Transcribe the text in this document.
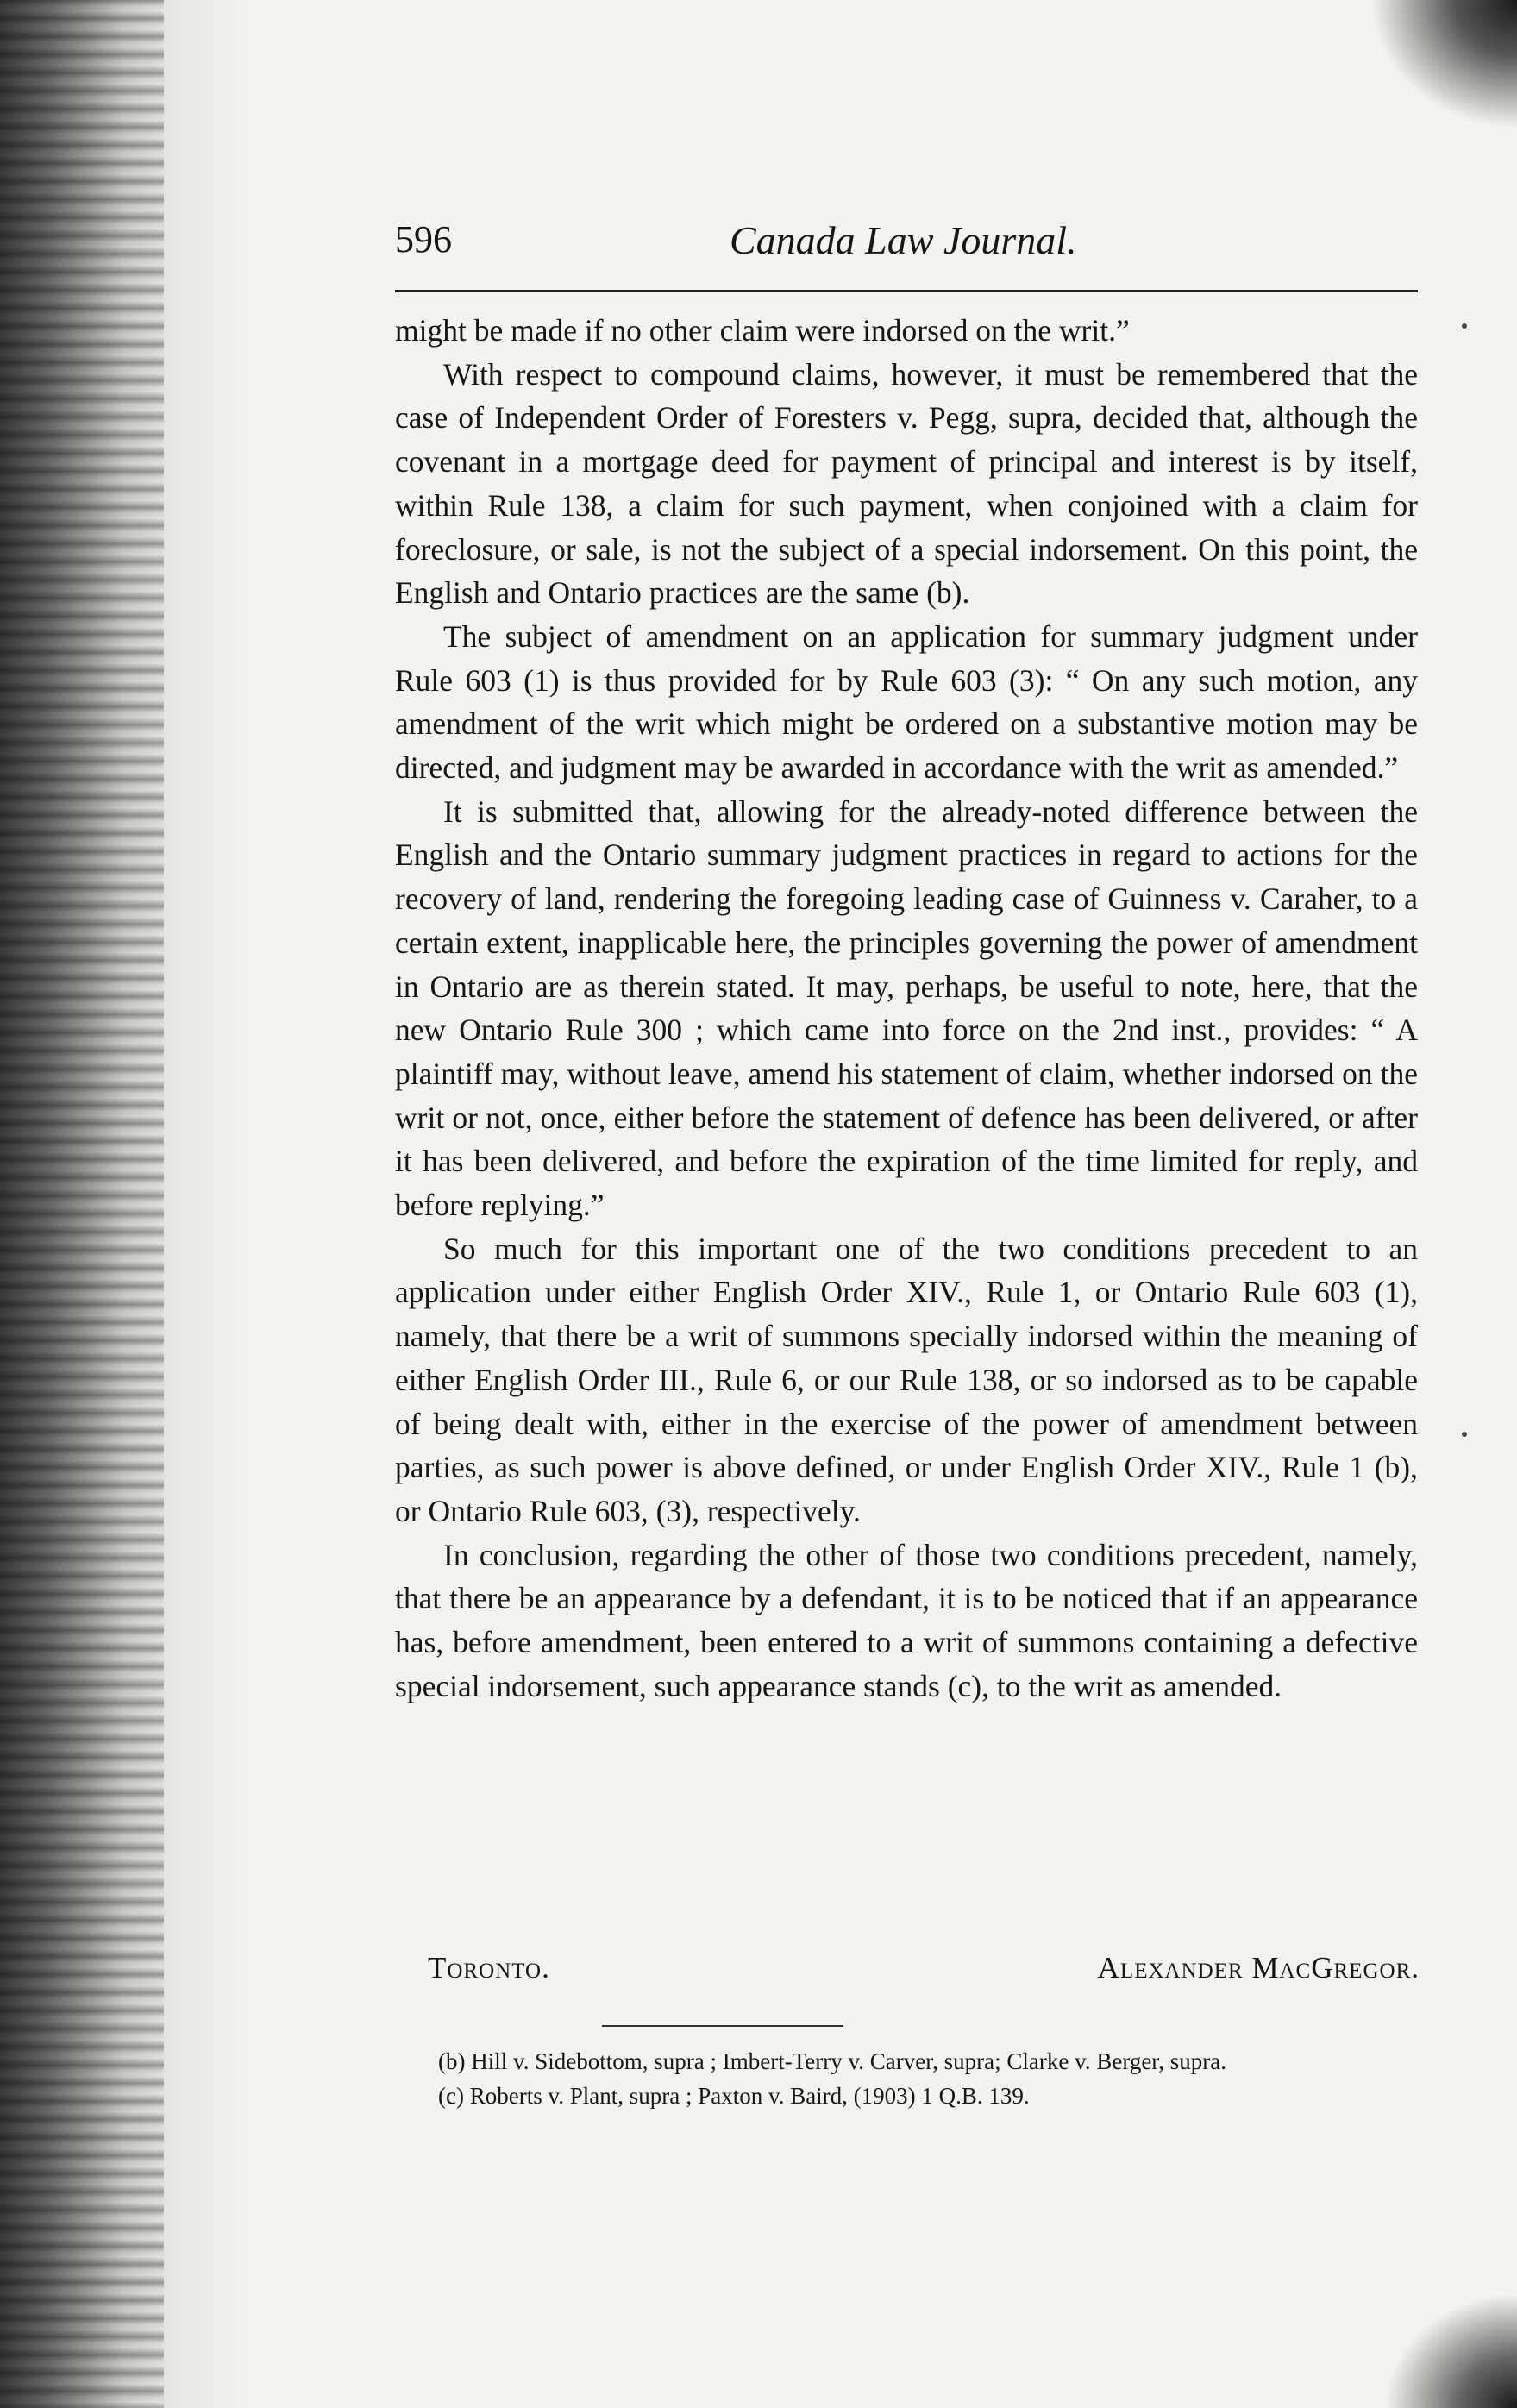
596	Canada Law Journal.

might be made if no other claim were indorsed on the writ.”

With respect to compound claims, however, it must be remembered that the case of Independent Order of Foresters v. Pegg, supra, decided that, although the covenant in a mortgage deed for payment of principal and interest is by itself, within Rule 138, a claim for such payment, when conjoined with a claim for foreclosure, or sale, is not the subject of a special indorsement. On this point, the English and Ontario practices are the same (b).

The subject of amendment on an application for summary judgment under Rule 603 (1) is thus provided for by Rule 603 (3): “ On any such motion, any amendment of the writ which might be ordered on a substantive motion may be directed, and judgment may be awarded in accordance with the writ as amended.”

It is submitted that, allowing for the already-noted difference between the English and the Ontario summary judgment practices in regard to actions for the recovery of land, rendering the foregoing leading case of Guinness v. Caraher, to a certain extent, inapplicable here, the principles governing the power of amendment in Ontario are as therein stated. It may, perhaps, be useful to note, here, that the new Ontario Rule 300 ; which came into force on the 2nd inst., provides: “ A plaintiff may, without leave, amend his statement of claim, whether indorsed on the writ or not, once, either before the statement of defence has been delivered, or after it has been delivered, and before the expiration of the time limited for reply, and before replying.”

So much for this important one of the two conditions precedent to an application under either English Order XIV., Rule 1, or Ontario Rule 603 (1), namely, that there be a writ of summons specially indorsed within the meaning of either English Order III., Rule 6, or our Rule 138, or so indorsed as to be capable of being dealt with, either in the exercise of the power of amendment between parties, as such power is above defined, or under English Order XIV., Rule 1 (b), or Ontario Rule 603, (3), respectively.

In conclusion, regarding the other of those two conditions precedent, namely, that there be an appearance by a defendant, it is to be noticed that if an appearance has, before amendment, been entered to a writ of summons containing a defective special indorsement, such appearance stands (c), to the writ as amended.

Toronto.	Alexander MacGregor.

(b) Hill v. Sidebottom, supra ; Imbert-Terry v. Carver, supra; Clarke v. Berger, supra.

(c) Roberts v. Plant, supra ; Paxton v. Baird, (1903) 1 Q.B. 139.
